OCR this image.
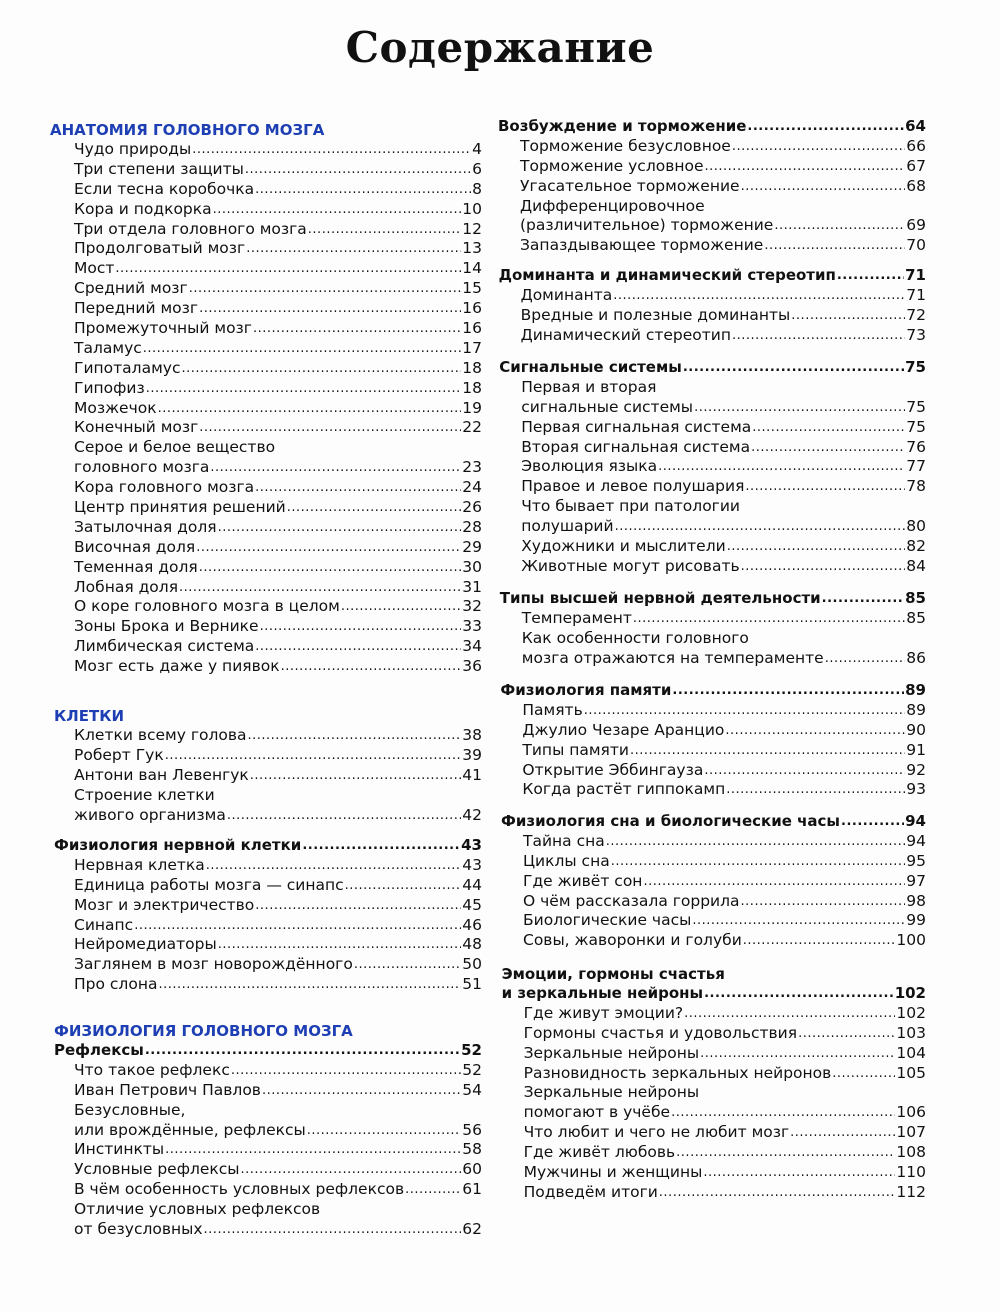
Содержание
АНАТОМИЯ ГОЛОВНОГО МОЗГА
Чудо природы .....	4
Три степени защиты .....	6
Если тесна коробочка .....	8
Кора и подкорка .....	10
Три отдела головного мозга .....	12
Продолговатый мозг .....	13
Мост .....	14
Средний мозг .....	15
Передний мозг .....	16
Промежуточный мозг .....	16
Таламус .....	17
Гипоталамус .....	18
Гипофиз .....	18
Мозжечок .....	19
Конечный мозг .....	22
Серое и белое вещество
головного мозга .....	23
Кора головного мозга .....	24
Центр принятия решений .....	26
Затылочная доля .....	28
Височная доля .....	29
Теменная доля .....	30
Лобная доля .....	31
О коре головного мозга в целом .....	32
Зоны Брока и Вернике .....	33
Лимбическая система .....	34
Мозг есть даже у пиявок .....	36
КЛЕТКИ
Клетки всему голова .....	38
Роберт Гук .....	39
Антони ван Левенгук .....	41
Строение клетки
живого организма .....	42
Физиология нервной клетки .....	43
Нервная клетка .....	43
Единица работы мозга — синапс .....	44
Мозг и электричество .....	45
Синапс .....	46
Нейромедиаторы .....	48
Заглянем в мозг новорождённого .....	50
Про слона .....	51
ФИЗИОЛОГИЯ ГОЛОВНОГО МОЗГА
Рефлексы .....	52
Что такое рефлекс .....	52
Иван Петрович Павлов .....	54
Безусловные,
или врождённые, рефлексы .....	56
Инстинкты .....	58
Условные рефлексы .....	60
В чём особенность условных рефлексов .....	61
Отличие условных рефлексов
от безусловных .....	62
Возбуждение и торможение .....	64
Торможение безусловное .....	66
Торможение условное .....	67
Угасательное торможение .....	68
Дифференцировочное
(различительное) торможение .....	69
Запаздывающее торможение .....	70
Доминанта и динамический стереотип .....	71
Доминанта .....	71
Вредные и полезные доминанты .....	72
Динамический стереотип .....	73
Сигнальные системы .....	75
Первая и вторая
сигнальные системы .....	75
Первая сигнальная система .....	75
Вторая сигнальная система .....	76
Эволюция языка .....	77
Правое и левое полушария .....	78
Что бывает при патологии
полушарий .....	80
Художники и мыслители .....	82
Животные могут рисовать .....	84
Типы высшей нервной деятельности .....	85
Темперамент .....	85
Как особенности головного
мозга отражаются на темпераменте .....	86
Физиология памяти .....	89
Память .....	89
Джулио Чезаре Аранцио .....	90
Типы памяти .....	91
Открытие Эббингауза .....	92
Когда растёт гиппокамп .....	93
Физиология сна и биологические часы .....	94
Тайна сна .....	94
Циклы сна .....	95
Где живёт сон .....	97
О чём рассказала горрила .....	98
Биологические часы .....	99
Совы, жаворонки и голуби .....	100
Эмоции, гормоны счастья
и зеркальные нейроны .....	102
Где живут эмоции? .....	102
Гормоны счастья и удовольствия .....	103
Зеркальные нейроны .....	104
Разновидность зеркальных нейронов .....	105
Зеркальные нейроны
помогают в учёбе .....	106
Что любит и чего не любит мозг .....	107
Где живёт любовь .....	108
Мужчины и женщины .....	110
Подведём итоги .....	112
